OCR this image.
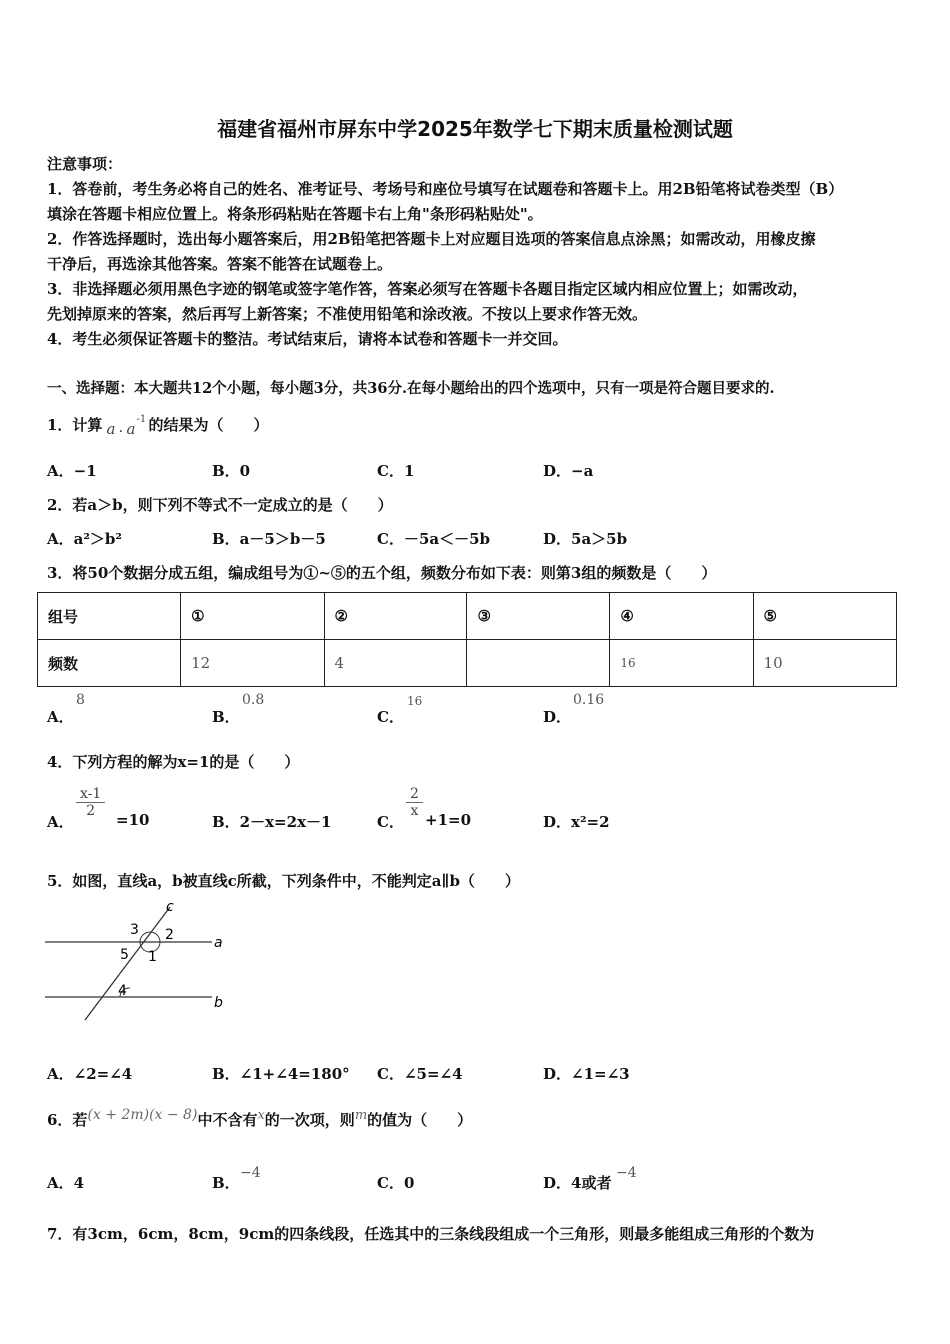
福建省福州市屏东中学2025年数学七下期末质量检测试题
注意事项：
1．答卷前，考生务必将自己的姓名、准考证号、考场号和座位号填写在试题卷和答题卡上。用2B铅笔将试卷类型（B）
填涂在答题卡相应位置上。将条形码粘贴在答题卡右上角"条形码粘贴处"。
2．作答选择题时，选出每小题答案后，用2B铅笔把答题卡上对应题目选项的答案信息点涂黑；如需改动，用橡皮擦
干净后，再选涂其他答案。答案不能答在试题卷上。
3．非选择题必须用黑色字迹的钢笔或签字笔作答，答案必须写在答题卡各题目指定区域内相应位置上；如需改动，
先划掉原来的答案，然后再写上新答案；不准使用铅笔和涂改液。不按以上要求作答无效。
4．考生必须保证答题卡的整洁。考试结束后，请将本试卷和答题卡一并交回。
一、选择题：本大题共12个小题，每小题3分，共36分.在每小题给出的四个选项中，只有一项是符合题目要求的.
1．计算 a · a
-1 的结果为（　　）
A．−1	B．0	C．1	D．−a
2．若a＞b，则下列不等式不一定成立的是（　　）
A．a²＞b²	B．a－5＞b－5	C．－5a＜－5b	D．5a＞5b
3．将50个数据分成五组，编成组号为①~⑤的五个组，频数分布如下表：则第3组的频数是（　　）
组号	①	②	③	④	⑤
频数	12	4		16	10
A．
8
B．
0.8
C．
16
D．
0.16
4．下列方程的解为x=1的是（　　）
A．
$\frac{x-1}{2}$
=10	B．2－x=2x－1	C．
$\frac{2}{x}$
+1=0	D．x²=2
5．如图，直线a，b被直线c所截，下列条件中，不能判定a∥b（　　）
c
a
b
2
3
5 1
4
A．∠2=∠4	B．∠1+∠4=180° C．∠5=∠4	D．∠1=∠3
6．若(x + 2m)(x − 8)中不含有x的一次项，则m的值为（　　）
A．4	B．
−4
C．0	D．4或者
−4
7．有3cm，6cm，8cm，9cm的四条线段，任选其中的三条线段组成一个三角形，则最多能组成三角形的个数为
